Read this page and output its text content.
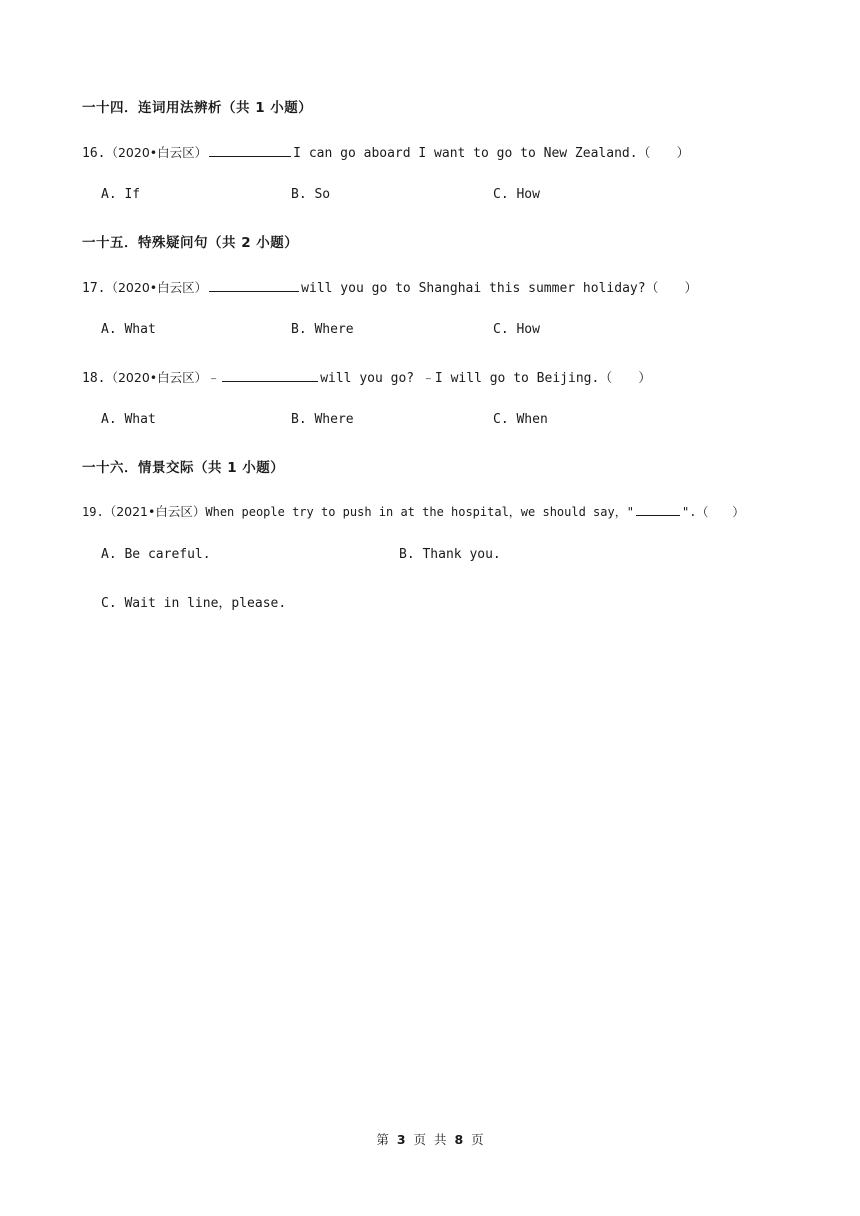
一十四．连词用法辨析（共 1 小题）
16. （2020•白云区）	I can go aboard I want to go to New Zealand.（　　）
A. If	B. So	C. How
一十五．特殊疑问句（共 2 小题）
17. （2020•白云区）	will you go to Shanghai this summer holiday?（　　）
A. What	B. Where	C. How
18. （2020•白云区） ﹣	will you go? ﹣I will go to Beijing.（　　）
A. What	B. Where	C. When
一十六．情景交际（共 1 小题）
19. （2021•白云区） When people try to push in at the hospital，we should say，"	".（　　）
A. Be careful.	B. Thank you.
C. Wait in line，please.
第 3 页 共 8 页
